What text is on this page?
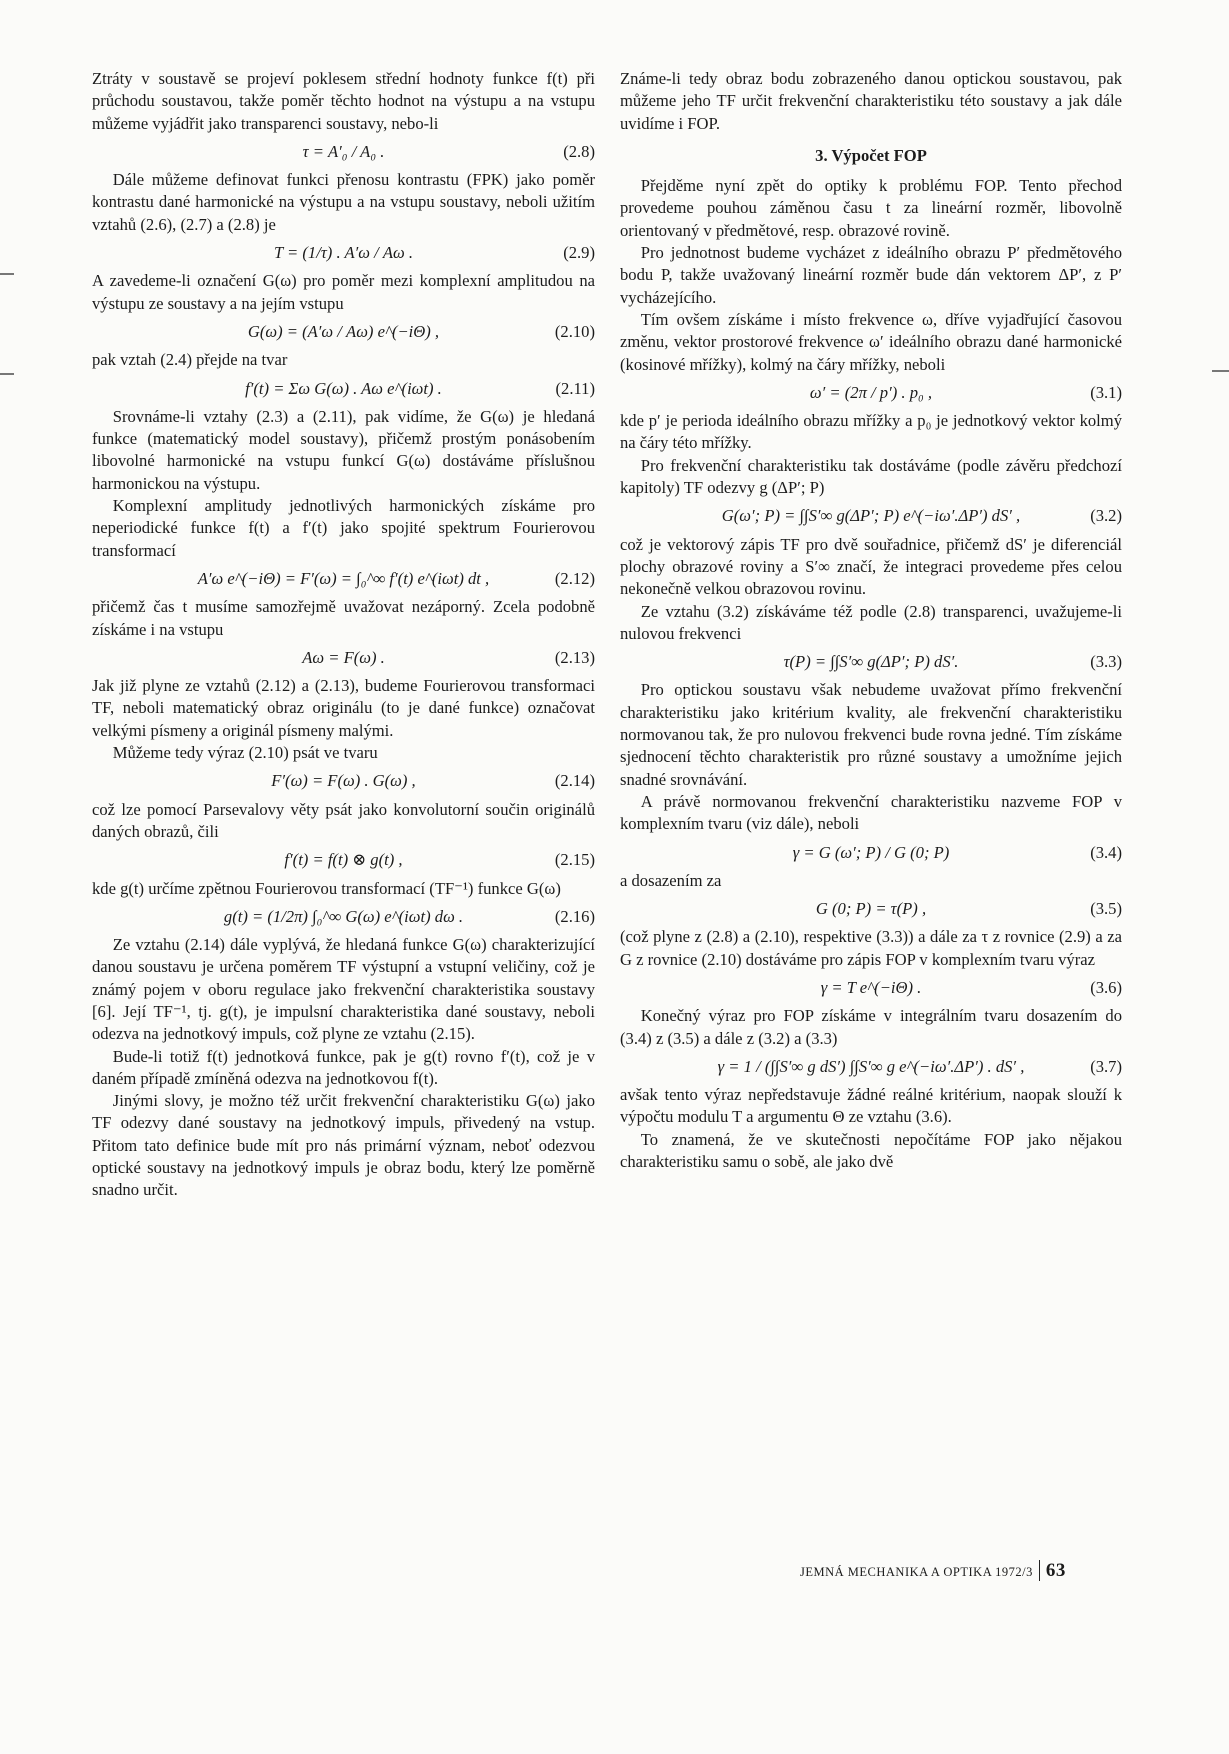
Ztráty v soustavě se projeví poklesem střední hodnoty funkce f(t) při průchodu soustavou, takže poměr těchto hodnot na výstupu a na vstupu můžeme vyjádřit jako transparenci soustavy, nebo-li

τ = A′₀ / A₀ .	(2.8)

Dále můžeme definovat funkci přenosu kontrastu (FPK) jako poměr kontrastu dané harmonické na výstupu a na vstupu soustavy, neboli užitím vztahů (2.6), (2.7) a (2.8) je

T = (1/τ) . A′ω / Aω .	(2.9)

A zavedeme-li označení G(ω) pro poměr mezi komplexní amplitudou na výstupu ze soustavy a na jejím vstupu

G(ω) = (A′ω / Aω) e^(−iΘ) ,	(2.10)

pak vztah (2.4) přejde na tvar

f′(t) = Σω G(ω) . Aω e^(iωt) .	(2.11)

Srovnáme-li vztahy (2.3) a (2.11), pak vidíme, že G(ω) je hledaná funkce (matematický model soustavy), přičemž prostým ponásobením libovolné harmonické na vstupu funkcí G(ω) dostáváme příslušnou harmonickou na výstupu.

Komplexní amplitudy jednotlivých harmonických získáme pro neperiodické funkce f(t) a f′(t) jako spojité spektrum Fourierovou transformací

A′ω e^(−iΘ) = F′(ω) = ∫₀^∞ f′(t) e^(iωt) dt ,	(2.12)

přičemž čas t musíme samozřejmě uvažovat nezáporný. Zcela podobně získáme i na vstupu

Aω = F(ω) .	(2.13)

Jak již plyne ze vztahů (2.12) a (2.13), budeme Fourierovou transformaci TF, neboli matematický obraz originálu (to je dané funkce) označovat velkými písmeny a originál písmeny malými.

Můžeme tedy výraz (2.10) psát ve tvaru

F′(ω) = F(ω) . G(ω) ,	(2.14)

což lze pomocí Parsevalovy věty psát jako konvolutorní součin originálů daných obrazů, čili

f′(t) = f(t) ⊗ g(t) ,	(2.15)

kde g(t) určíme zpětnou Fourierovou transformací (TF⁻¹) funkce G(ω)

g(t) = (1/2π) ∫₀^∞ G(ω) e^(iωt) dω .	(2.16)

Ze vztahu (2.14) dále vyplývá, že hledaná funkce G(ω) charakterizující danou soustavu je určena poměrem TF výstupní a vstupní veličiny, což je známý pojem v oboru regulace jako frekvenční charakteristika soustavy [6]. Její TF⁻¹, tj. g(t), je impulsní charakteristika dané soustavy, neboli odezva na jednotkový impuls, což plyne ze vztahu (2.15).

Bude-li totiž f(t) jednotková funkce, pak je g(t) rovno f′(t), což je v daném případě zmíněná odezva na jednotkovou f(t).

Jinými slovy, je možno též určit frekvenční charakteristiku G(ω) jako TF odezvy dané soustavy na jednotkový impuls, přivedený na vstup. Přitom tato definice bude mít pro nás primární význam, neboť odezvou optické soustavy na jednotkový impuls je obraz bodu, který lze poměrně snadno určit.

Známe-li tedy obraz bodu zobrazeného danou optickou soustavou, pak můžeme jeho TF určit frekvenční charakteristiku této soustavy a jak dále uvidíme i FOP.

3. Výpočet FOP

Přejděme nyní zpět do optiky k problému FOP. Tento přechod provedeme pouhou záměnou času t za lineární rozměr, libovolně orientovaný v předmětové, resp. obrazové rovině.

Pro jednotnost budeme vycházet z ideálního obrazu P′ předmětového bodu P, takže uvažovaný lineární rozměr bude dán vektorem ΔP′, z P′ vycházejícího.

Tím ovšem získáme i místo frekvence ω, dříve vyjadřující časovou změnu, vektor prostorové frekvence ω′ ideálního obrazu dané harmonické (kosinové mřížky), kolmý na čáry mřížky, neboli

ω′ = (2π / p′) . p₀ ,	(3.1)

kde p′ je perioda ideálního obrazu mřížky a p₀ je jednotkový vektor kolmý na čáry této mřížky.

Pro frekvenční charakteristiku tak dostáváme (podle závěru předchozí kapitoly) TF odezvy g (ΔP′; P)

G(ω′; P) = ∫∫S′∞ g(ΔP′; P) e^(−iω′.ΔP′) dS′ ,	(3.2)

což je vektorový zápis TF pro dvě souřadnice, přičemž dS′ je diferenciál plochy obrazové roviny a S′∞ značí, že integraci provedeme přes celou nekonečně velkou obrazovou rovinu.

Ze vztahu (3.2) získáváme též podle (2.8) transparenci, uvažujeme-li nulovou frekvenci

τ(P) = ∫∫S′∞ g(ΔP′; P) dS′.	(3.3)

Pro optickou soustavu však nebudeme uvažovat přímo frekvenční charakteristiku jako kritérium kvality, ale frekvenční charakteristiku normovanou tak, že pro nulovou frekvenci bude rovna jedné. Tím získáme sjednocení těchto charakteristik pro různé soustavy a umožníme jejich snadné srovnávání.

A právě normovanou frekvenční charakteristiku nazveme FOP v komplexním tvaru (viz dále), neboli

γ = G (ω′; P) / G (0; P)	(3.4)

a dosazením za

G (0; P) = τ(P) ,	(3.5)

(což plyne z (2.8) a (2.10), respektive (3.3)) a dále za τ z rovnice (2.9) a za G z rovnice (2.10) dostáváme pro zápis FOP v komplexním tvaru výraz

γ = T e^(−iΘ) .	(3.6)

Konečný výraz pro FOP získáme v integrálním tvaru dosazením do (3.4) z (3.5) a dále z (3.2) a (3.3)

γ = 1 / (∫∫S′∞ g dS′) ∫∫S′∞ g e^(−iω′.ΔP′) . dS′ ,	(3.7)

avšak tento výraz nepředstavuje žádné reálné kritérium, naopak slouží k výpočtu modulu T a argumentu Θ ze vztahu (3.6).

To znamená, že ve skutečnosti nepočítáme FOP jako nějakou charakteristiku samu o sobě, ale jako dvě

JEMNÁ MECHANIKA A OPTIKA 1972/3 63
